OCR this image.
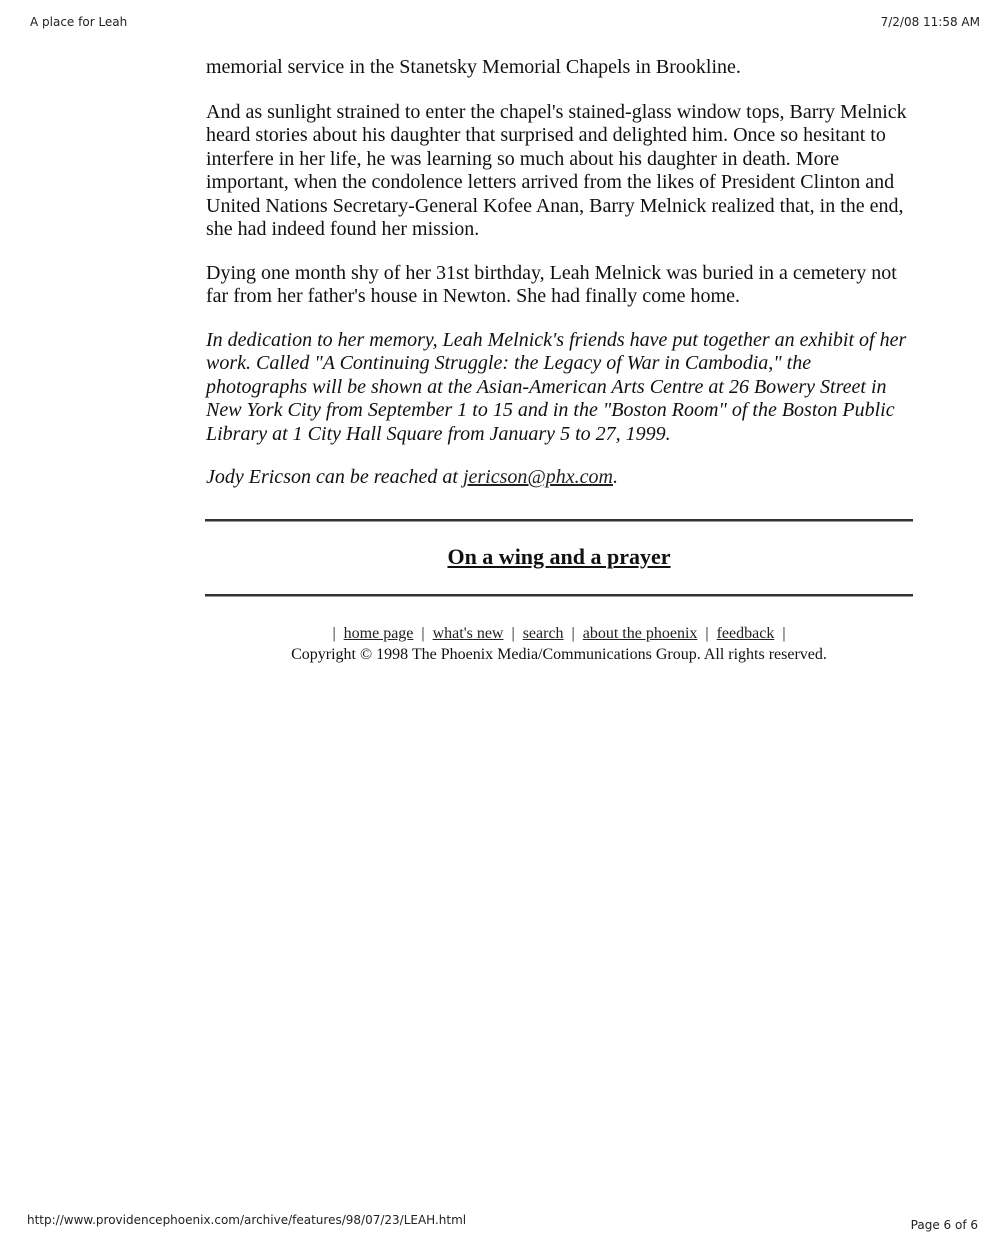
A place for Leah	7/2/08 11:58 AM

memorial service in the Stanetsky Memorial Chapels in Brookline.

And as sunlight strained to enter the chapel's stained-glass window tops, Barry Melnick heard stories about his daughter that surprised and delighted him. Once so hesitant to interfere in her life, he was learning so much about his daughter in death. More important, when the condolence letters arrived from the likes of President Clinton and United Nations Secretary-General Kofee Anan, Barry Melnick realized that, in the end, she had indeed found her mission.

Dying one month shy of her 31st birthday, Leah Melnick was buried in a cemetery not far from her father's house in Newton. She had finally come home.

In dedication to her memory, Leah Melnick's friends have put together an exhibit of her work. Called "A Continuing Struggle: the Legacy of War in Cambodia," the photographs will be shown at the Asian-American Arts Centre at 26 Bowery Street in New York City from September 1 to 15 and in the "Boston Room" of the Boston Public Library at 1 City Hall Square from January 5 to 27, 1999.

Jody Ericson can be reached at jericson@phx.com.

On a wing and a prayer
| home page | what's new | search | about the phoenix | feedback |
Copyright © 1998 The Phoenix Media/Communications Group. All rights reserved.
http://www.providencephoenix.com/archive/features/98/07/23/LEAH.html	Page 6 of 6
